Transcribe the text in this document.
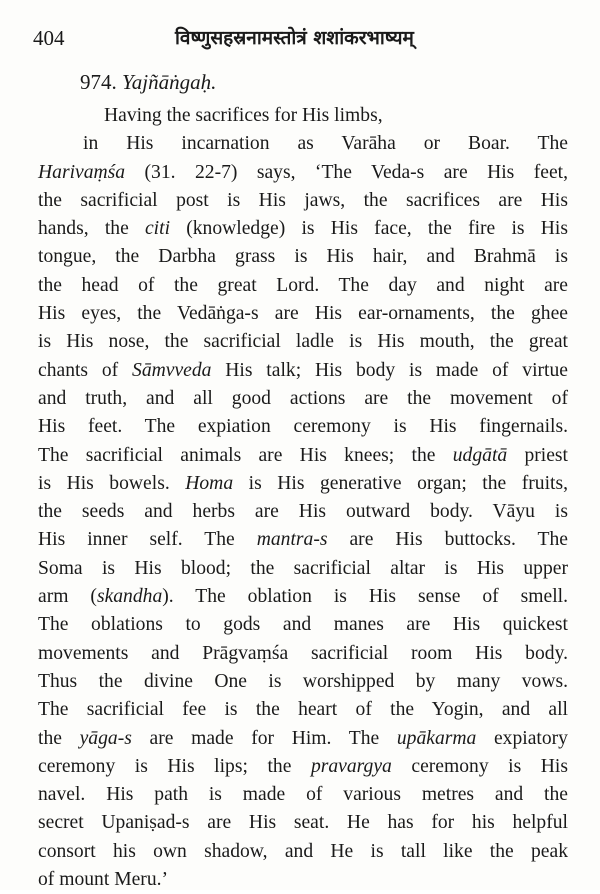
404	विष्णुसहस्रनामस्तोत्रं शशांकरभाष्यम्
974. Yajñāṅgaḥ.
Having the sacrifices for His limbs,
in His incarnation as Varāha or Boar. The
Harivaṃśa (31. 22-7) says, ‘The Veda-s are His feet,
the sacrificial post is His jaws, the sacrifices are His
hands, the citi (knowledge) is His face, the fire is His
tongue, the Darbha grass is His hair, and Brahmā is
the head of the great Lord. The day and night are
His eyes, the Vedāṅga-s are His ear-ornaments, the ghee
is His nose, the sacrificial ladle is His mouth, the great
chants of Sāmvveda His talk; His body is made of virtue
and truth, and all good actions are the movement of
His feet. The expiation ceremony is His fingernails.
The sacrificial animals are His knees; the udgātā priest
is His bowels. Homa is His generative organ; the fruits,
the seeds and herbs are His outward body. Vāyu is
His inner self. The mantra-s are His buttocks. The
Soma is His blood; the sacrificial altar is His upper
arm (skandha). The oblation is His sense of smell.
The oblations to gods and manes are His quickest
movements and Prāgvaṃśa sacrificial room His body.
Thus the divine One is worshipped by many vows.
The sacrificial fee is the heart of the Yogin, and all
the yāga-s are made for Him. The upākarma expiatory
ceremony is His lips; the pravargya ceremony is His
navel. His path is made of various metres and the
secret Upaniṣad-s are His seat. He has for his helpful
consort his own shadow, and He is tall like the peak
of mount Meru.’
